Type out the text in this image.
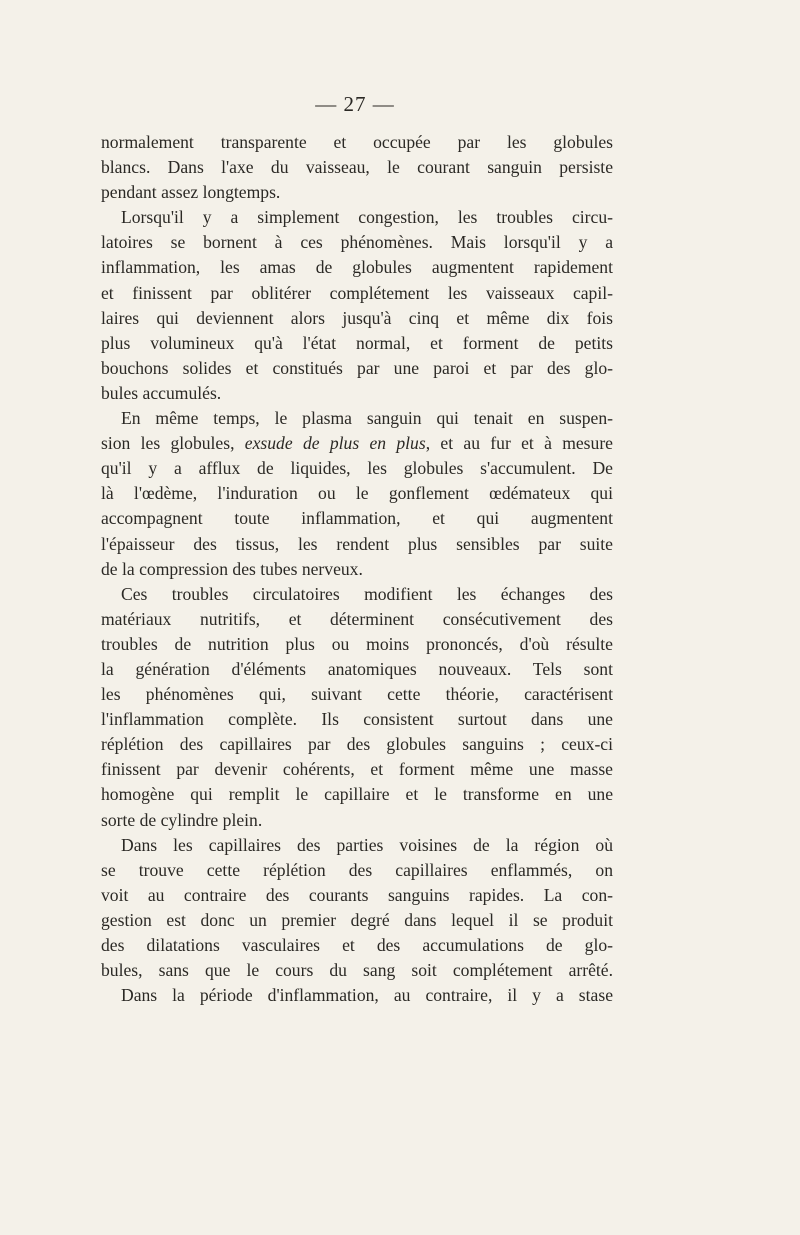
— 27 —
normalement transparente et occupée par les globules
blancs. Dans l'axe du vaisseau, le courant sanguin persiste
pendant assez longtemps.
Lorsqu'il y a simplement congestion, les troubles circu-
latoires se bornent à ces phénomènes. Mais lorsqu'il y a
inflammation, les amas de globules augmentent rapidement
et finissent par oblitérer complétement les vaisseaux capil-
laires qui deviennent alors jusqu'à cinq et même dix fois
plus volumineux qu'à l'état normal, et forment de petits
bouchons solides et constitués par une paroi et par des glo-
bules accumulés.
En même temps, le plasma sanguin qui tenait en suspen-
sion les globules, exsude de plus en plus, et au fur et à mesure
qu'il y a afflux de liquides, les globules s'accumulent. De
là l'œdème, l'induration ou le gonflement œdémateux qui
accompagnent toute inflammation, et qui augmentent
l'épaisseur des tissus, les rendent plus sensibles par suite
de la compression des tubes nerveux.
Ces troubles circulatoires modifient les échanges des
matériaux nutritifs, et déterminent consécutivement des
troubles de nutrition plus ou moins prononcés, d'où résulte
la génération d'éléments anatomiques nouveaux. Tels sont
les phénomènes qui, suivant cette théorie, caractérisent
l'inflammation complète. Ils consistent surtout dans une
réplétion des capillaires par des globules sanguins ; ceux-ci
finissent par devenir cohérents, et forment même une masse
homogène qui remplit le capillaire et le transforme en une
sorte de cylindre plein.
Dans les capillaires des parties voisines de la région où
se trouve cette réplétion des capillaires enflammés, on
voit au contraire des courants sanguins rapides. La con-
gestion est donc un premier degré dans lequel il se produit
des dilatations vasculaires et des accumulations de glo-
bules, sans que le cours du sang soit complétement arrêté.
Dans la période d'inflammation, au contraire, il y a stase
